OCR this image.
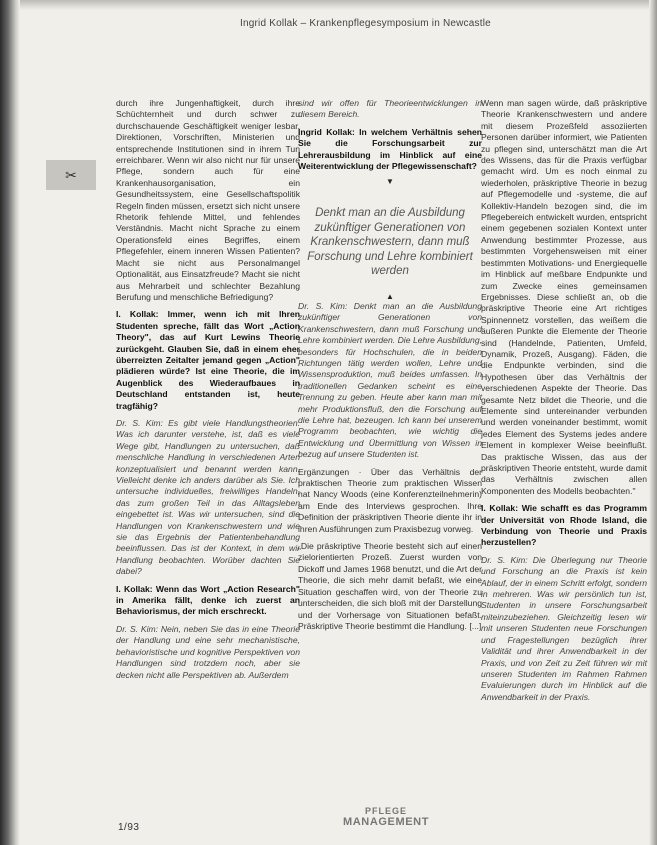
Ingrid Kollak – Krankenpflegesymposium in Newcastle
✂

durch ihre Jungenhaftigkeit, durch ihre Schüchternheit und durch schwer zu durchschauende Geschäftigkeit weniger lesbar. Direktionen, Vorschriften, Ministerien und entsprechende Institutionen sind in ihrem Tun erreichbarer. Wenn wir also nicht nur für unsere Pflege, sondern auch für eine Krankenhausorganisation, ein Gesundheitssystem, eine Gesellschaftspolitik Regeln finden müssen, ersetzt sich nicht unsere Rhetorik fehlende Mittel, und fehlendes Verständnis. Macht nicht Sprache zu einem Operationsfeld eines Begriffes, einem Pflegefehler, einem inneren Wissen Patienten? Macht sie nicht aus Personalmangel Optionalität, aus Einsatzfreude? Macht sie nicht aus Mehrarbeit und schlechter Bezahlung Berufung und menschliche Befriedigung?

I. Kollak: Immer, wenn ich mit Ihren Studenten spreche, fällt das Wort „Action Theory", das auf Kurt Lewins Theorie zurückgeht. Glauben Sie, daß in einem eher überreizten Zeitalter jemand gegen „Action" plädieren würde? Ist eine Theorie, die im Augenblick des Wiederaufbaues in Deutschland entstanden ist, heute tragfähig?

Dr. S. Kim: Es gibt viele Handlungstheorien. Was ich darunter verstehe, ist, daß es viele Wege gibt, Handlungen zu untersuchen, daß menschliche Handlung in verschiedenen Arten konzeptualisiert und benannt werden kann. Vielleicht denke ich anders darüber als Sie. Ich untersuche individuelles, freiwilliges Handeln, das zum großen Teil in das Alltagsleben eingebettet ist. Was wir untersuchen, sind die Handlungen von Krankenschwestern und wie sie das Ergebnis der Patientenbehandlung beeinflussen. Das ist der Kontext, in dem wir Handlung beobachten. Worüber dachten Sie dabei?

I. Kollak: Wenn das Wort „Action Research" in Amerika fällt, denke ich zuerst an Behaviorismus, der mich erschreckt.

Dr. S. Kim: Nein, neben Sie das in eine Theorie der Handlung und eine sehr mechanistische, behavioristische und kognitive Perspektiven von Handlungen sind trotzdem noch, aber sie decken nicht alle Perspektiven ab. Außerdem

sind wir offen für Theorieentwicklungen in diesem Bereich.

Ingrid Kollak: In welchem Verhältnis sehen Sie die Forschungsarbeit zur Lehrerausbildung im Hinblick auf eine Weiterentwicklung der Pflegewissenschaft?

▼
Denkt man an die Ausbildung zukünftiger Generationen von Krankenschwestern, dann muß Forschung und Lehre kombiniert werden
▲

Dr. S. Kim: Denkt man an die Ausbildung zukünftiger Generationen von Krankenschwestern, dann muß Forschung und Lehre kombiniert werden. Die Lehre Ausbildung, besonders für Hochschulen, die in beiden Richtungen tätig werden wollen, Lehre und Wissensproduktion, muß beides umfassen. In traditionellen Gedanken scheint es eine Trennung zu geben. Heute aber kann man mit mehr Produktionsfluß, den die Forschung auf die Lehre hat, bezeugen. Ich kann bei unserem Programm beobachten, wie wichtig die Entwicklung und Übermittlung von Wissen in bezug auf unsere Studenten ist.

Ergänzungen · Über das Verhältnis der praktischen Theorie zum praktischen Wissen hat Nancy Woods (eine Konferenzteilnehmerin) am Ende des Interviews gesprochen. Ihre Definition der präskriptiven Theorie diente ihr in ihren Ausführungen zum Praxisbezug vorweg.

„Die präskriptive Theorie besteht sich auf einen zielorientierten Prozeß. Zuerst wurden von Dickoff und James 1968 benutzt, und die Art der Theorie, die sich mehr damit befaßt, wie eine Situation geschaffen wird, von der Theorie zu unterscheiden, die sich bloß mit der Darstellung und der Vorhersage von Situationen befaßt. Präskriptive Theorie bestimmt die Handlung. [...]

Wenn man sagen würde, daß präskriptive Theorie Krankenschwestern und andere mit diesem Prozeßfeld assoziierten Personen darüber informiert, wie Patienten zu pflegen sind, unterschätzt man die Art des Wissens, das für die Praxis verfügbar gemacht wird. Um es noch einmal zu wiederholen, präskriptive Theorie in bezug auf Pflegemodelle und -systeme, die auf Kollektiv-Handeln bezogen sind, die im Pflegebereich entwickelt wurden, entspricht einem gegebenen sozialen Kontext unter Anwendung bestimmter Prozesse, aus bestimmten Vorgehensweisen mit einer bestimmten Motivations- und Energiequelle im Hinblick auf meßbare Endpunkte und zum Zwecke eines gemeinsamen Ergebnisses. Diese schließt an, ob die präskriptive Theorie eine Art richtiges Spinnennetz vorstellen, das weißem die äußeren Punkte die Elemente der Theorie sind (Handelnde, Patienten, Umfeld, Dynamik, Prozeß, Ausgang). Fäden, die die Endpunkte verbinden, sind die Hypothesen über das Verhältnis der verschiedenen Aspekte der Theorie. Das gesamte Netz bildet die Theorie, und die Elemente sind untereinander verbunden und werden voneinander bestimmt, womit jedes Element des Systems jedes andere Element in komplexer Weise beeinflußt. Das praktische Wissen, das aus der präskriptiven Theorie entsteht, wurde damit das Verhältnis zwischen allen Komponenten des Modells beobachten."

I. Kollak: Wie schafft es das Programm der Universität von Rhode Island, die Verbindung von Theorie und Praxis herzustellen?

Dr. S. Kim: Die Überlegung nur Theorie und Forschung an die Praxis ist kein Ablauf, der in einem Schritt erfolgt, sondern in mehreren. Was wir persönlich tun ist, Studenten in unsere Forschungsarbeit miteinzubeziehen. Gleichzeitig lesen wir mit unseren Studenten neue Forschungen und Fragestellungen bezüglich ihrer Validität und ihrer Anwendbarkeit in der Praxis, und von Zeit zu Zeit führen wir mit unseren Studenten im Rahmen Rahmen Evaluierungen durch im Hinblick auf die Anwendbarkeit in der Praxis.

1/93
PFLEGE
MANAGEMENT
